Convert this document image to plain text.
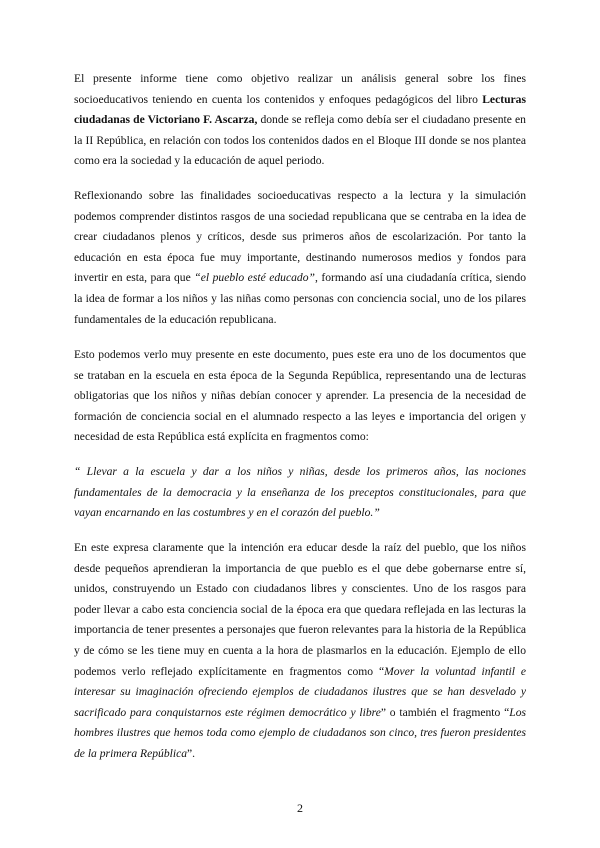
El presente informe tiene como objetivo realizar un análisis general sobre los fines socioeducativos teniendo en cuenta los contenidos y enfoques pedagógicos del libro Lecturas ciudadanas de Victoriano F. Ascarza, donde se refleja como debía ser el ciudadano presente en la II República, en relación con todos los contenidos dados en el Bloque III donde se nos plantea como era la sociedad y la educación de aquel periodo.

Reflexionando sobre las finalidades socioeducativas respecto a la lectura y la simulación podemos comprender distintos rasgos de una sociedad republicana que se centraba en la idea de crear ciudadanos plenos y críticos, desde sus primeros años de escolarización. Por tanto la educación en esta época fue muy importante, destinando numerosos medios y fondos para invertir en esta, para que “el pueblo esté educado”, formando así una ciudadanía crítica, siendo la idea de formar a los niños y las niñas como personas con conciencia social, uno de los pilares fundamentales de la educación republicana.

Esto podemos verlo muy presente en este documento, pues este era uno de los documentos que se trataban en la escuela en esta época de la Segunda República, representando una de lecturas obligatorias que los niños y niñas debían conocer y aprender. La presencia de la necesidad de formación de conciencia social en el alumnado respecto a las leyes e importancia del origen y necesidad de esta República está explícita en fragmentos como:

“ Llevar a la escuela y dar a los niños y niñas, desde los primeros años, las nociones fundamentales de la democracia y la enseñanza de los preceptos constitucionales, para que vayan encarnando en las costumbres y en el corazón del pueblo.”

En este expresa claramente que la intención era educar desde la raíz del pueblo, que los niños desde pequeños aprendieran la importancia de que pueblo es el que debe gobernarse entre sí, unidos, construyendo un Estado con ciudadanos libres y conscientes. Uno de los rasgos para poder llevar a cabo esta conciencia social de la época era que quedara reflejada en las lecturas la importancia de tener presentes a personajes que fueron relevantes para la historia de la República y de cómo se les tiene muy en cuenta a la hora de plasmarlos en la educación. Ejemplo de ello podemos verlo reflejado explícitamente en fragmentos como “Mover la voluntad infantil e interesar su imaginación ofreciendo ejemplos de ciudadanos ilustres que se han desvelado y sacrificado para conquistarnos este régimen democrático y libre” o también el fragmento “Los hombres ilustres que hemos toda como ejemplo de ciudadanos son cinco, tres fueron presidentes de la primera República”.

2
